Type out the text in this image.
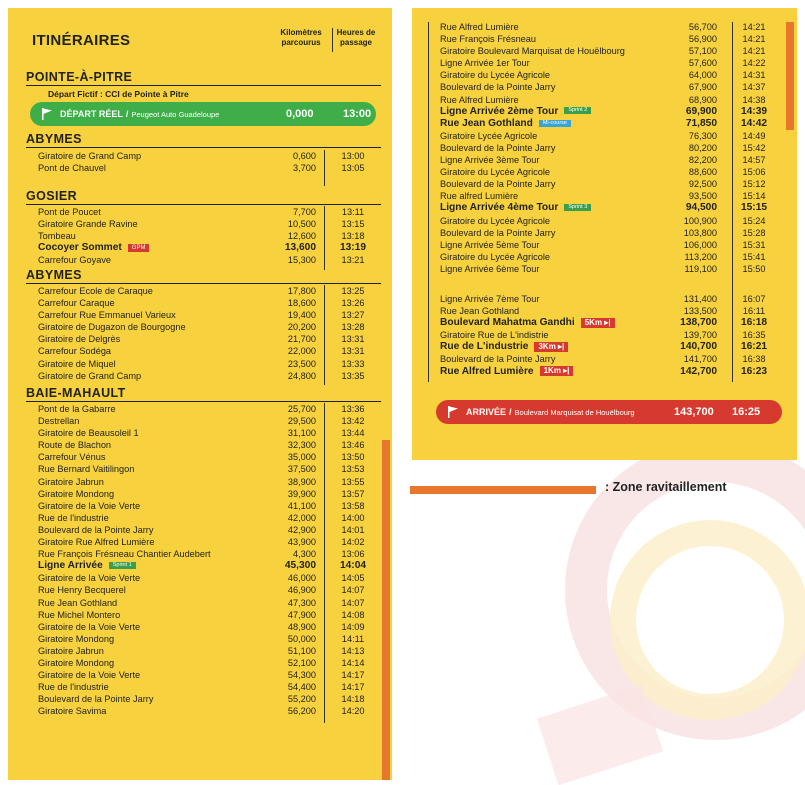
ITINÉRAIRES	Kilomètres parcourus
Heures de passage
POINTE-À-PITRE
Départ Fictif : CCI de Pointe à Pitre
DÉPART RÉEL / Peugeot Auto Guadeloupe	0,000	13:00
ABYMES
Giratoire de Grand Camp	0,600	13:00
Pont de Chauvel	3,700	13:05
GOSIER
Pont de Poucet	7,700	13:11
Giratoire Grande Ravine	10,500	13:15
Tombeau	12,600	13:18
Cocoyer Sommet GPM	13,600	13:19
Carrefour Goyave	15,300	13:21
ABYMES
Carrefour Ecole de Caraque	17,800	13:25
Carrefour Caraque	18,600	13:26
Carrefour Rue Emmanuel Varieux	19,400	13:27
Giratoire de Dugazon de Bourgogne	20,200	13:28
Giratoire de Delgrès	21,700	13:31
Carrefour Sodéga	22,000	13:31
Giratoire de Miquel	23,500	13:33
Giratoire de Grand Camp	24,800	13:35
BAIE-MAHAULT
Pont de la Gabarre	25,700	13:36
Destrellan	29,500	13:42
Giratoire de Beausoleil 1	31,100	13:44
Route de Blachon	32,300	13:46
Carrefour Vénus	35,000	13:50
Rue Bernard Vaitilingon	37,500	13:53
Giratoire Jabrun	38,900	13:55
Giratoire Mondong	39,900	13:57
Giratoire de la Voie Verte	41,100	13:58
Rue de l'industrie	42,000	14:00
Boulevard de la Pointe Jarry	42,900	14:01
Giratoire Rue Alfred Lumière	43,900	14:02
Rue François Frésneau Chantier Audebert	4,300	13:06
Ligne Arrivée Sprint 1	45,300	14:04
Giratoire de la Voie Verte	46,000	14:05
Rue Henry Becquerel	46,900	14:07
Rue Jean Gothland	47,300	14:07
Rue Michel Montero	47,900	14:08
Giratoire de la Voie Verte	48,900	14:09
Giratoire Mondong	50,000	14:11
Giratoire Jabrun	51,100	14:13
Giratoire Mondong	52,100	14:14
Giratoire de la Voie Verte	54,300	14:17
Rue de l'industrie	54,400	14:17
Boulevard de la Pointe Jarry	55,200	14:18
Giratoire Savima	56,200	14:20
Rue Alfred Lumière	56,700	14:21
Rue François Frésneau	56,900	14:21
Giratoire Boulevard Marquisat de Houëlbourg	57,100	14:21
Ligne Arrivée 1er Tour	57,600	14:22
Giratoire du Lycée Agricole	64,000	14:31
Boulevard de la Pointe Jarry	67,900	14:37
Rue Alfred Lumière	68,900	14:38
Ligne Arrivée 2ème Tour Sprint 2	69,900	14:39
Rue Jean Gothland Mi-course	71,850	14:42
Giratoire Lycée Agricole	76,300	14:49
Boulevard de la Pointe Jarry	80,200	15:42
Ligne Arrivée 3ème Tour	82,200	14:57
Giratoire du Lycée Agricole	88,600	15:06
Boulevard de la Pointe Jarry	92,500	15:12
Rue alfred Lumière	93,500	15:14
Ligne Arrivée 4ème Tour Sprint 3	94,500	15:15
Giratoire du Lycée Agricole	100,900	15:24
Boulevard de la Pointe Jarry	103,800	15:28
Ligne Arrivée 5ème Tour	106,000	15:31
Giratoire du Lycée Agricole	113,200	15:41
Ligne Arrivée 6ème Tour	119,100	15:50
Ligne Arrivée 7ème Tour	131,400	16:07
Rue Jean Gothland	133,500	16:11
Boulevard Mahatma Gandhi 5Km ▸|	138,700	16:18
Giratoire Rue de L'indistrie	139,700	16:35
Rue de L'industrie 3Km ▸|	140,700	16:21
Boulevard de la Pointe Jarry	141,700	16:38
Rue Alfred Lumière 1Km ▸|	142,700	16:23
ARRIVÉE / Boulevard Marquisat de Houëlbourg	143,700 16:25
: Zone ravitaillement
